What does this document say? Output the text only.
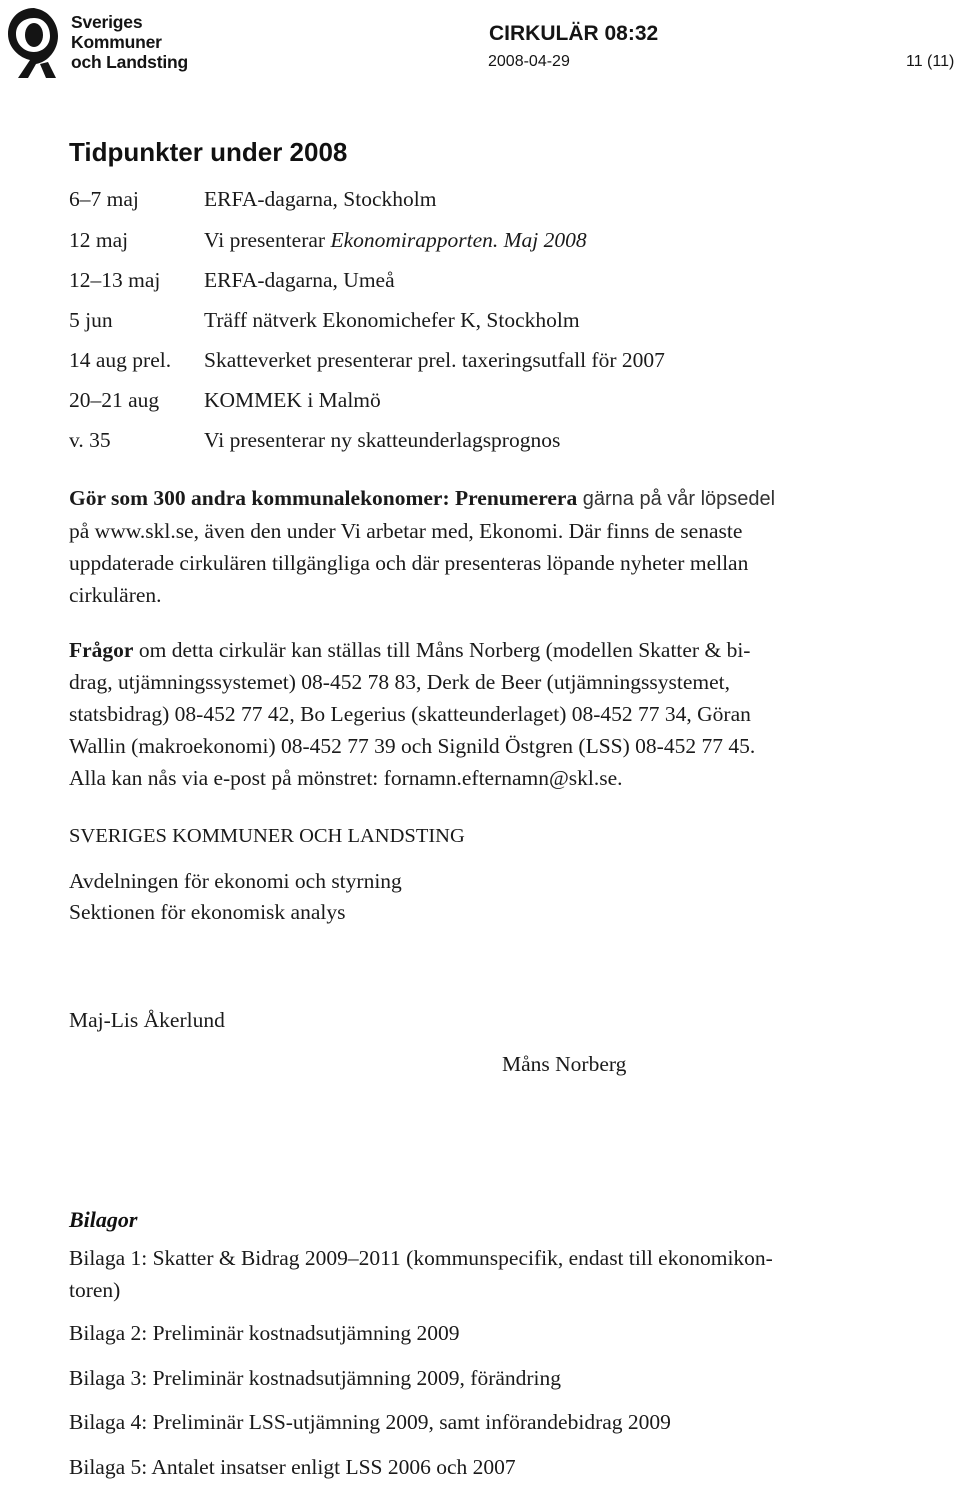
Sveriges
Kommuner
och Landsting
CIRKULÄR 08:32
2008-04-29	11 (11)
Tidpunkter under 2008
6–7 maj	ERFA-dagarna, Stockholm
12 maj	Vi presenterar Ekonomirapporten. Maj 2008
12–13 maj ERFA-dagarna, Umeå
5 jun	Träff nätverk Ekonomichefer K, Stockholm
14 aug prel. Skatteverket presenterar prel. taxeringsutfall för 2007
20–21 aug KOMMEK i Malmö
v. 35	Vi presenterar ny skatteunderlagsprognos
Gör som 300 andra kommunalekonomer: Prenumerera gärna på vår löpsedel
på www.skl.se, även den under Vi arbetar med, Ekonomi. Där finns de senaste
uppdaterade cirkulären tillgängliga och där presenteras löpande nyheter mellan
cirkulären.
Frågor om detta cirkulär kan ställas till Måns Norberg (modellen Skatter & bi-
drag, utjämningssystemet) 08-452 78 83, Derk de Beer (utjämningssystemet,
statsbidrag) 08-452 77 42, Bo Legerius (skatteunderlaget) 08-452 77 34, Göran
Wallin (makroekonomi) 08-452 77 39 och Signild Östgren (LSS) 08-452 77 45.
Alla kan nås via e-post på mönstret: fornamn.efternamn@skl.se.
SVERIGES KOMMUNER OCH LANDSTING
Avdelningen för ekonomi och styrning
Sektionen för ekonomisk analys
Maj-Lis Åkerlund
Måns Norberg
Bilagor
Bilaga 1: Skatter & Bidrag 2009–2011 (kommunspecifik, endast till ekonomikon-
toren)
Bilaga 2: Preliminär kostnadsutjämning 2009
Bilaga 3: Preliminär kostnadsutjämning 2009, förändring
Bilaga 4: Preliminär LSS-utjämning 2009, samt införandebidrag 2009
Bilaga 5: Antalet insatser enligt LSS 2006 och 2007
